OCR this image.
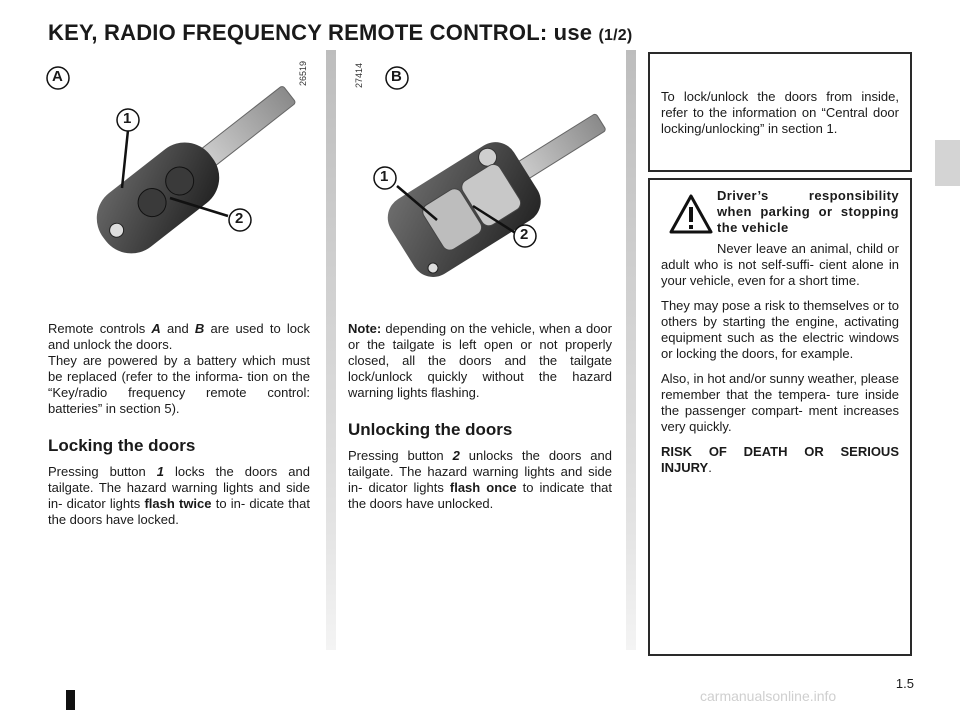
KEY, RADIO FREQUENCY REMOTE CONTROL: use (1/2)
A
1
2
26519	B
1
2
27414

Remote controls A and B are used to lock and unlock the doors.

They are powered by a battery which must be replaced (refer to the informa- tion on the “Key/radio frequency remote control: batteries” in section 5).

Locking the doors

Pressing button 1 locks the doors and tailgate. The hazard warning lights and side in- dicator lights flash twice to in- dicate that the doors have locked.

Note: depending on the vehicle, when a door or the tailgate is left open or not properly closed, all the doors and the tailgate lock/unlock quickly without the hazard warning lights flashing.

Unlocking the doors

Pressing button 2 unlocks the doors and tailgate. The hazard warning lights and side in- dicator lights flash once to indicate that the doors have unlocked.

To lock/unlock the doors from inside, refer to the information on “Central door locking/unlocking” in section 1.

Driver’s responsibility when parking or stopping the vehicle

Never leave an animal, child or adult who is not self-suffi- cient alone in your vehicle, even for a short time.

They may pose a risk to themselves or to others by starting the engine, activating equipment such as the electric windows or locking the doors, for example.

Also, in hot and/or sunny weather, please remember that the tempera- ture inside the passenger compart- ment increases very quickly.

RISK OF DEATH OR SERIOUS INJURY.

1.5
carmanualsonline.info
